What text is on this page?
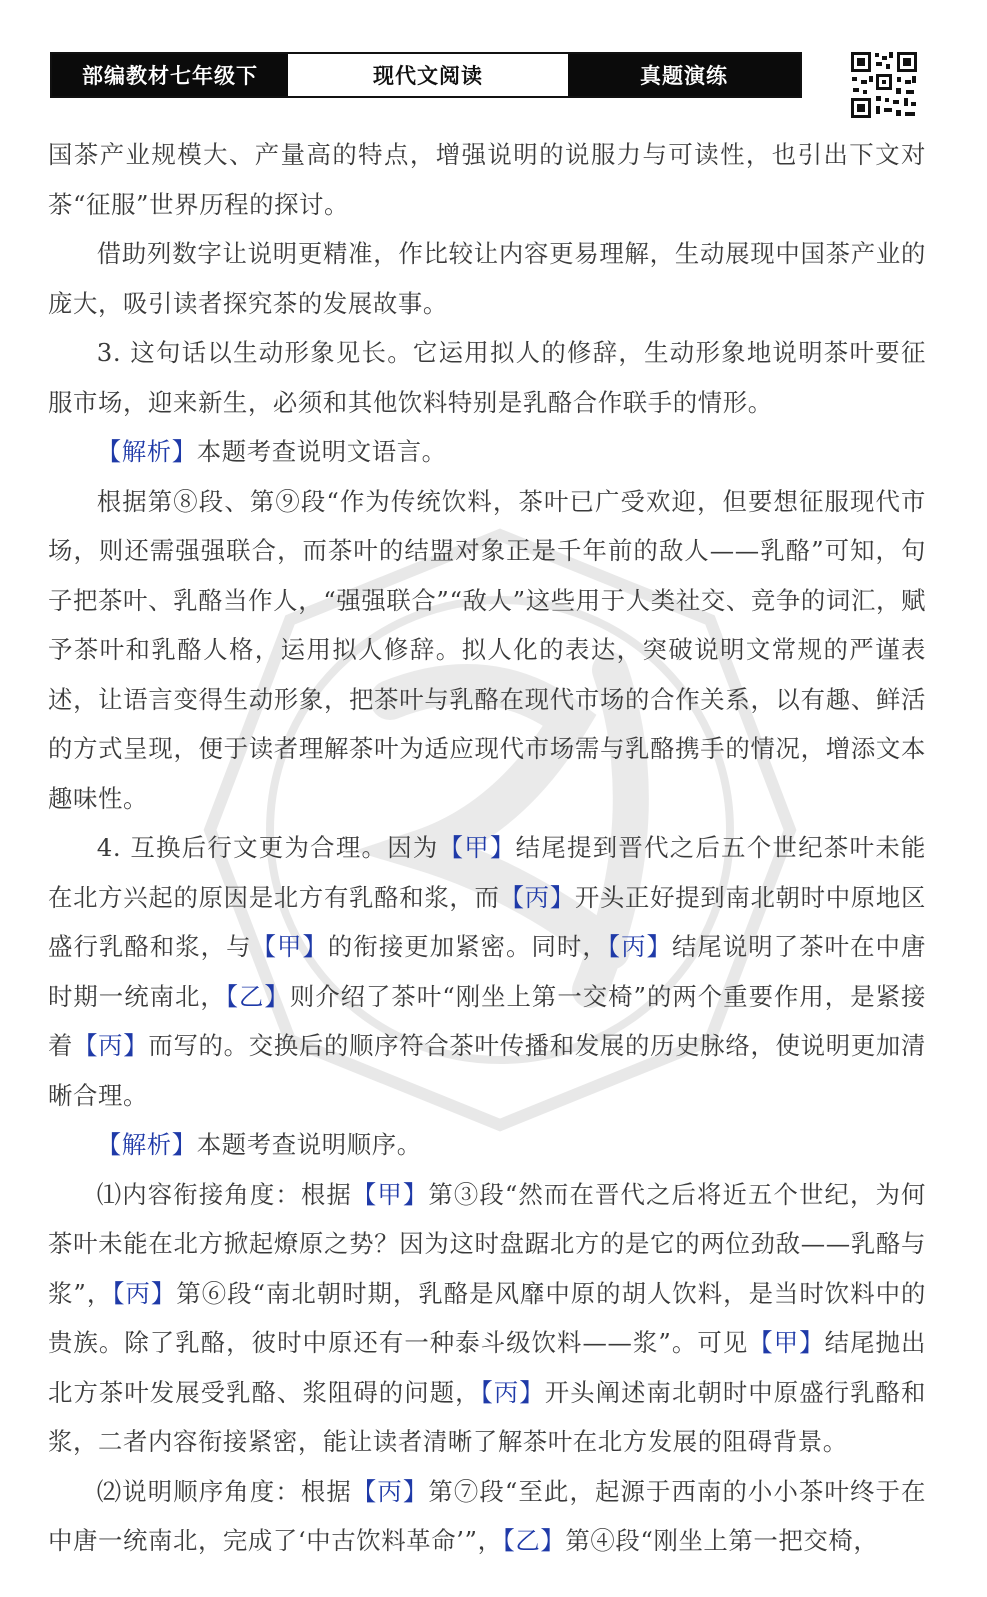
部编教材七年级下	现代文阅读	真题演练

国茶产业规模大、产量高的特点，增强说明的说服力与可读性，也引出下文对茶“征服”世界历程的探讨。

借助列数字让说明更精准，作比较让内容更易理解，生动展现中国茶产业的庞大，吸引读者探究茶的发展故事。

3. 这句话以生动形象见长。它运用拟人的修辞，生动形象地说明茶叶要征服市场，迎来新生，必须和其他饮料特别是乳酪合作联手的情形。

【解析】本题考查说明文语言。

根据第⑧段、第⑨段“作为传统饮料，茶叶已广受欢迎，但要想征服现代市场，则还需强强联合，而茶叶的结盟对象正是千年前的敌人——乳酪”可知，句子把茶叶、乳酪当作人，“强强联合”“敌人”这些用于人类社交、竞争的词汇，赋予茶叶和乳酪人格，运用拟人修辞。拟人化的表达，突破说明文常规的严谨表述，让语言变得生动形象，把茶叶与乳酪在现代市场的合作关系，以有趣、鲜活的方式呈现，便于读者理解茶叶为适应现代市场需与乳酪携手的情况，增添文本趣味性。

4. 互换后行文更为合理。因为【甲】结尾提到晋代之后五个世纪茶叶未能在北方兴起的原因是北方有乳酪和浆，而【丙】开头正好提到南北朝时中原地区盛行乳酪和浆，与【甲】的衔接更加紧密。同时，【丙】结尾说明了茶叶在中唐时期一统南北，【乙】则介绍了茶叶“刚坐上第一交椅”的两个重要作用，是紧接着【丙】而写的。交换后的顺序符合茶叶传播和发展的历史脉络，使说明更加清晰合理。

【解析】本题考查说明顺序。

⑴内容衔接角度：根据【甲】第③段“然而在晋代之后将近五个世纪，为何茶叶未能在北方掀起燎原之势？因为这时盘踞北方的是它的两位劲敌——乳酪与浆”，【丙】第⑥段“南北朝时期，乳酪是风靡中原的胡人饮料，是当时饮料中的贵族。除了乳酪，彼时中原还有一种泰斗级饮料——浆”。可见【甲】结尾抛出北方茶叶发展受乳酪、浆阻碍的问题，【丙】开头阐述南北朝时中原盛行乳酪和浆，二者内容衔接紧密，能让读者清晰了解茶叶在北方发展的阻碍背景。

⑵说明顺序角度：根据【丙】第⑦段“至此，起源于西南的小小茶叶终于在中唐一统南北，完成了‘中古饮料革命’”，【乙】第④段“刚坐上第一把交椅，
